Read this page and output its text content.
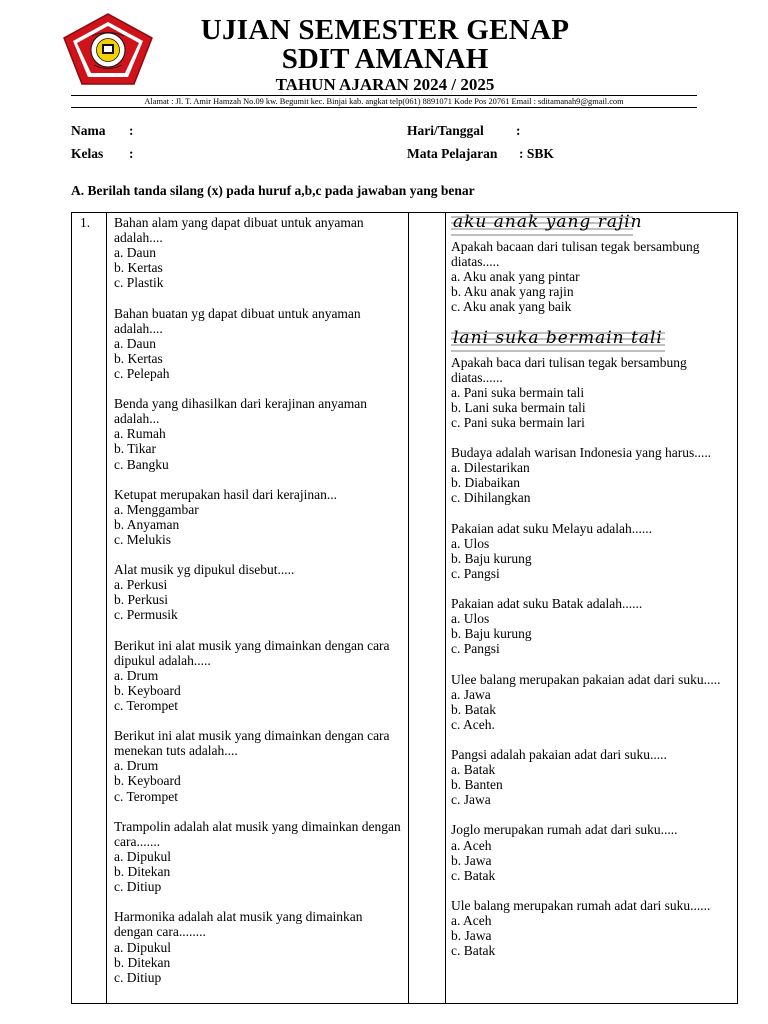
UJIAN SEMESTER GENAP
SDIT AMANAH
TAHUN AJARAN 2024 / 2025
Alamat : Jl. T. Amir Hamzah No.09 kw. Begumit kec. Binjai kab. angkat telp(061) 8891071 Kode Pos 20761 Email : sditamanah9@gmail.com
Nama :
Kelas :
Hari/Tanggal :
Mata Pelajaran : SBK
A. Berilah tanda silang (x) pada huruf a,b,c pada jawaban yang benar
1. Bahan alam yang dapat dibuat untuk anyaman adalah....

a. Daun

b. Kertas

c. Plastik

Bahan buatan yg dapat dibuat untuk anyaman adalah....

a. Daun

b. Kertas

c. Pelepah

Benda yang dihasilkan dari kerajinan anyaman adalah...

a. Rumah

b. Tikar

c. Bangku

Ketupat merupakan hasil dari kerajinan...

a. Menggambar

b. Anyaman

c. Melukis

Alat musik yg dipukul disebut.....

a. Perkusi

b. Perkusi

c. Permusik

Berikut ini alat musik yang dimainkan dengan cara dipukul adalah.....

a. Drum

b. Keyboard

c. Terompet

Berikut ini alat musik yang dimainkan dengan cara menekan tuts adalah....

a. Drum

b. Keyboard

c. Terompet

Trampolin adalah alat musik yang dimainkan dengan cara.......

a. Dipukul

b. Ditekan

c. Ditiup

Harmonika adalah alat musik yang dimainkan dengan cara........

a. Dipukul

b. Ditekan

c. Ditiup

aku anak yang rajin

Apakah bacaan dari tulisan tegak bersambung diatas.....

a. Aku anak yang pintar

b. Aku anak yang rajin

c. Aku anak yang baik

lani suka bermain tali

Apakah baca dari tulisan tegak bersambung diatas......

a. Pani suka bermain tali

b. Lani suka bermain tali

c. Pani suka bermain lari

Budaya adalah warisan Indonesia yang harus.....

a. Dilestarikan

b. Diabaikan

c. Dihilangkan

Pakaian adat suku Melayu adalah......

a. Ulos

b. Baju kurung

c. Pangsi

Pakaian adat suku Batak adalah......

a. Ulos

b. Baju kurung

c. Pangsi

Ulee balang merupakan pakaian adat dari suku.....

a. Jawa

b. Batak

c. Aceh.

Pangsi adalah pakaian adat dari suku.....

a. Batak

b. Banten

c. Jawa

Joglo merupakan rumah adat dari suku.....

a. Aceh

b. Jawa

c. Batak

Ule balang merupakan rumah adat dari suku......

a. Aceh

b. Jawa

c. Batak
